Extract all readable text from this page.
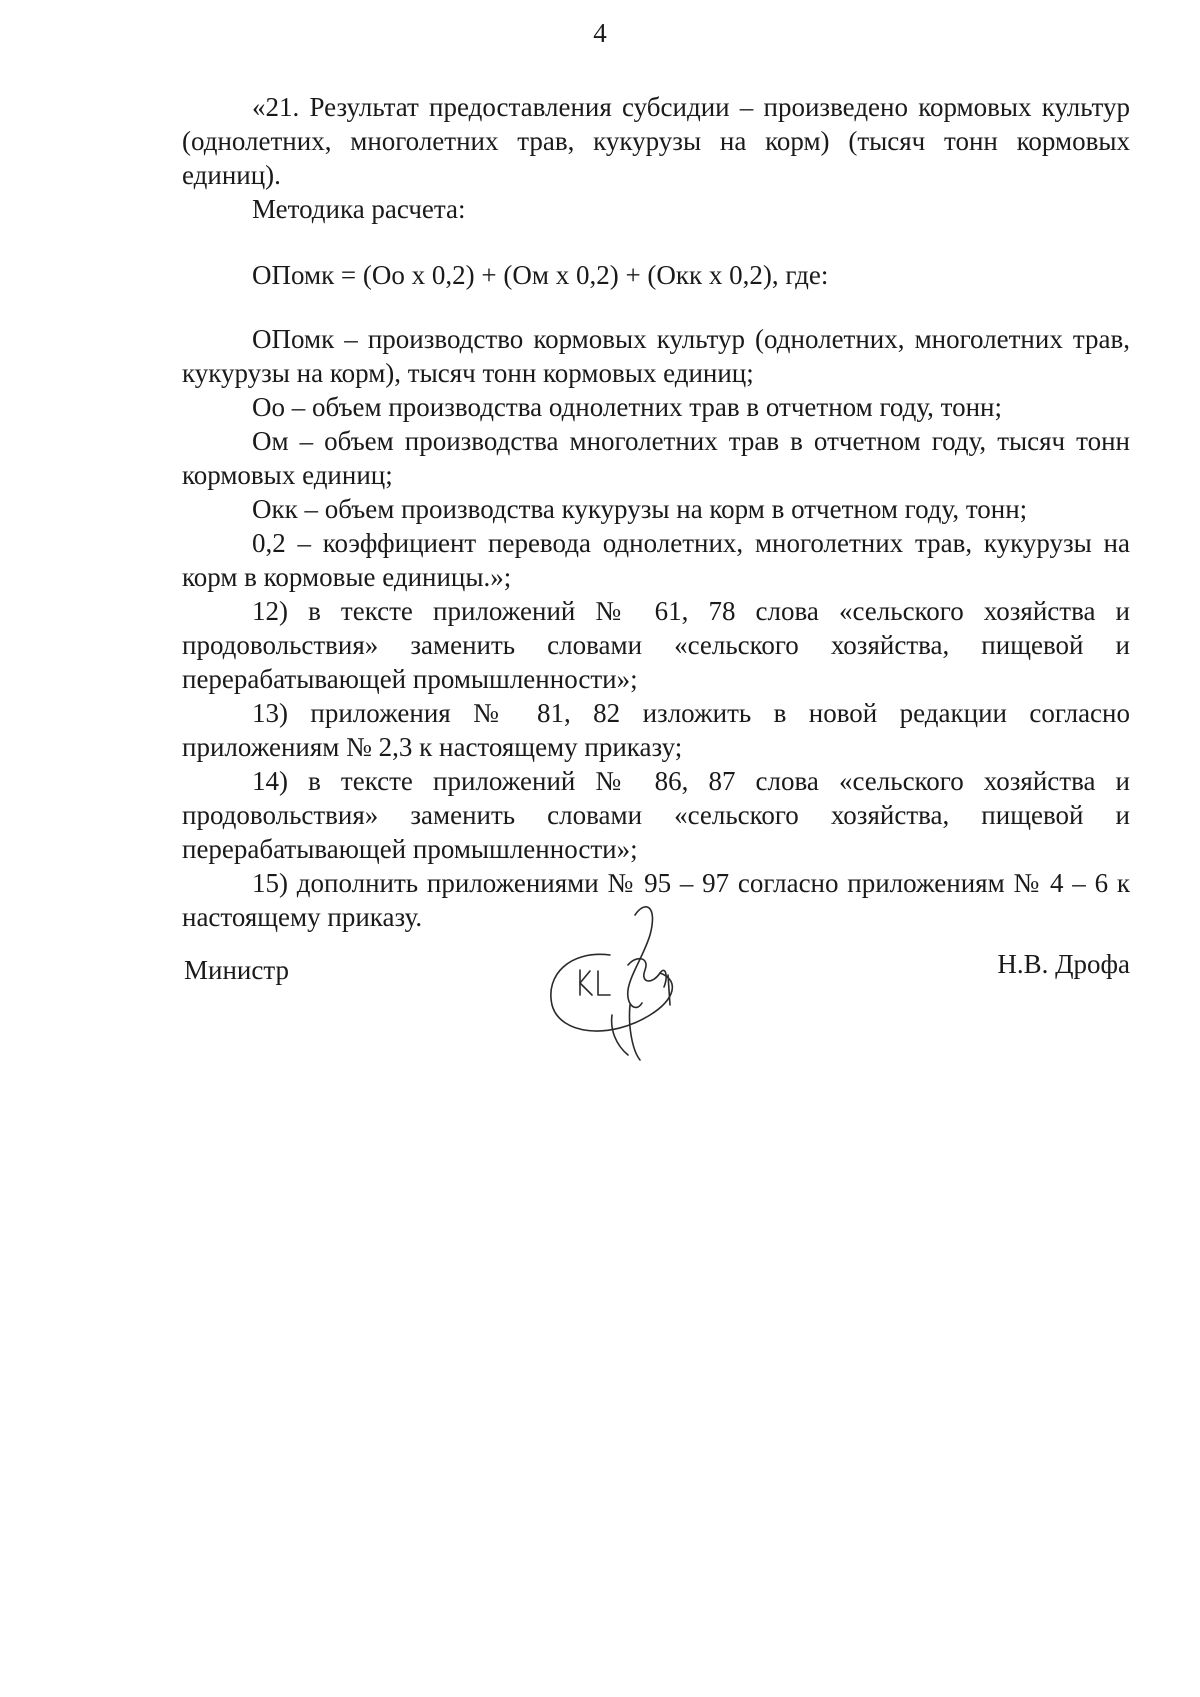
4

«21. Результат предоставления субсидии – произведено кормовых культур (однолетних, многолетних трав, кукурузы на корм) (тысяч тонн кормовых единиц).

Методика расчета:

ОПомк = (Оо х 0,2) + (Ом х 0,2) + (Окк х 0,2), где:

ОПомк – производство кормовых культур (однолетних, многолетних трав, кукурузы на корм), тысяч тонн кормовых единиц;

Оо – объем производства однолетних трав в отчетном году, тонн;

Ом – объем производства многолетних трав в отчетном году, тысяч тонн кормовых единиц;

Окк – объем производства кукурузы на корм в отчетном году, тонн;

0,2 – коэффициент перевода однолетних, многолетних трав, кукурузы на корм в кормовые единицы.»;

12) в тексте приложений № 61, 78 слова «сельского хозяйства и продовольствия» заменить словами «сельского хозяйства, пищевой и перерабатывающей промышленности»;

13) приложения № 81, 82 изложить в новой редакции согласно приложениям № 2,3 к настоящему приказу;

14) в тексте приложений № 86, 87 слова «сельского хозяйства и продовольствия» заменить словами «сельского хозяйства, пищевой и перерабатывающей промышленности»;

15) дополнить приложениями № 95 – 97 согласно приложениям № 4 – 6 к настоящему приказу.

Министр	Н.В. Дрофа
